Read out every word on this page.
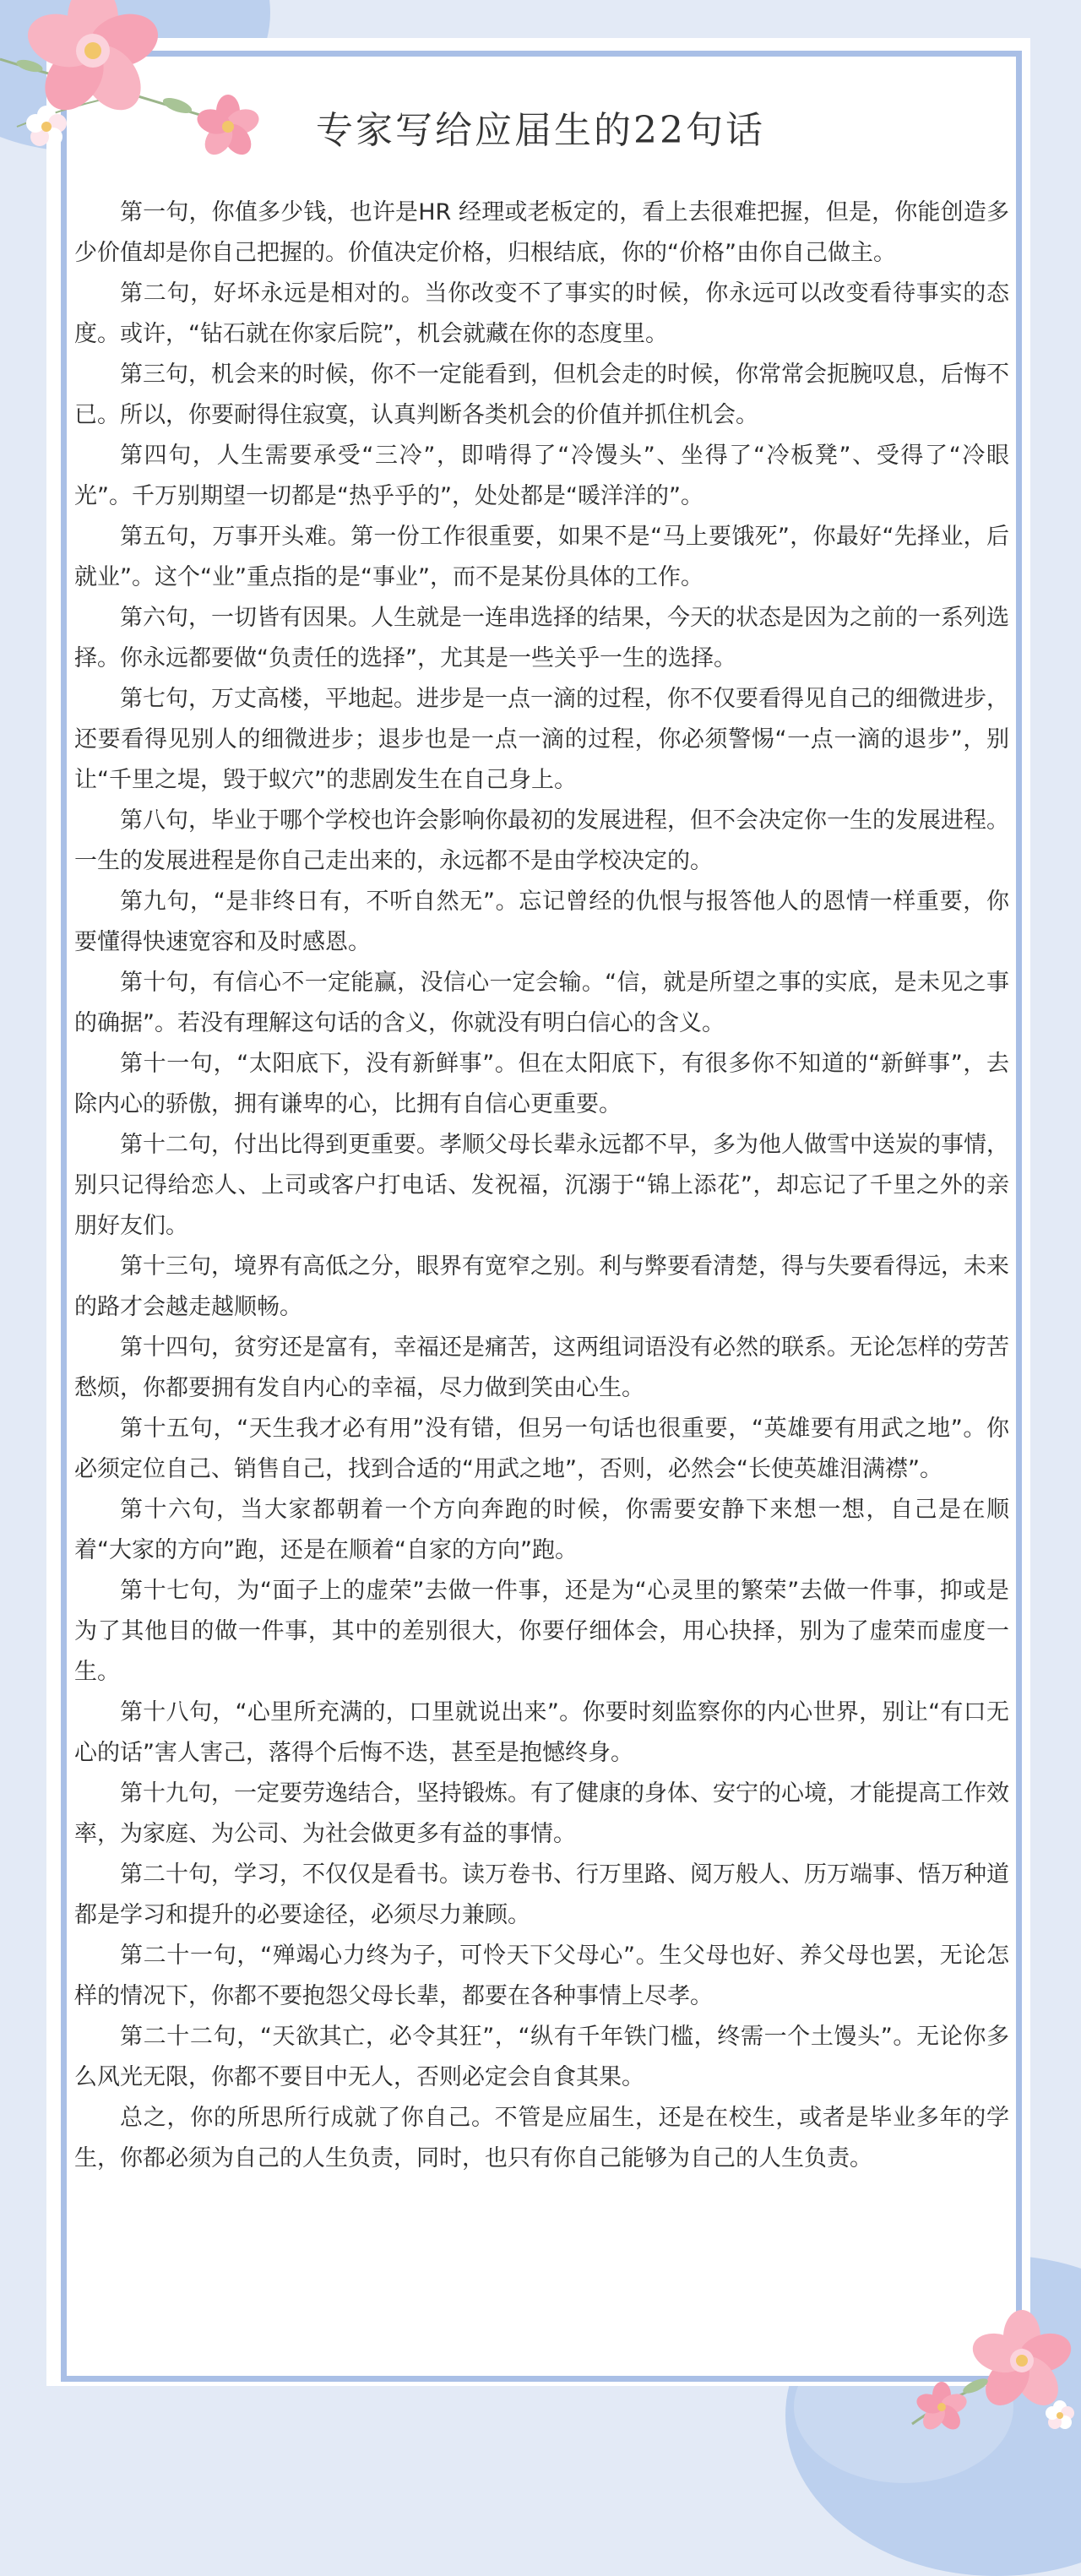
专家写给应届生的22句话

第一句，你值多少钱，也许是HR 经理或老板定的，看上去很难把握，但是，你能创造多少价值却是你自己把握的。价值决定价格，归根结底，你的“价格”由你自己做主。

第二句，好坏永远是相对的。当你改变不了事实的时候，你永远可以改变看待事实的态度。或许，“钻石就在你家后院”，机会就藏在你的态度里。

第三句，机会来的时候，你不一定能看到，但机会走的时候，你常常会扼腕叹息，后悔不已。所以，你要耐得住寂寞，认真判断各类机会的价值并抓住机会。

第四句，人生需要承受“三冷”，即啃得了“冷馒头”、坐得了“冷板凳”、受得了“冷眼光”。千万别期望一切都是“热乎乎的”，处处都是“暖洋洋的”。

第五句，万事开头难。第一份工作很重要，如果不是“马上要饿死”，你最好“先择业，后就业”。这个“业”重点指的是“事业”，而不是某份具体的工作。

第六句，一切皆有因果。人生就是一连串选择的结果，今天的状态是因为之前的一系列选择。你永远都要做“负责任的选择”，尤其是一些关乎一生的选择。

第七句，万丈高楼，平地起。进步是一点一滴的过程，你不仅要看得见自己的细微进步，还要看得见别人的细微进步；退步也是一点一滴的过程，你必须警惕“一点一滴的退步”，别让“千里之堤，毁于蚁穴”的悲剧发生在自己身上。

第八句，毕业于哪个学校也许会影响你最初的发展进程，但不会决定你一生的发展进程。一生的发展进程是你自己走出来的，永远都不是由学校决定的。

第九句，“是非终日有，不听自然无”。忘记曾经的仇恨与报答他人的恩情一样重要，你要懂得快速宽容和及时感恩。

第十句，有信心不一定能赢，没信心一定会输。“信，就是所望之事的实底，是未见之事的确据”。若没有理解这句话的含义，你就没有明白信心的含义。

第十一句，“太阳底下，没有新鲜事”。但在太阳底下，有很多你不知道的“新鲜事”，去除内心的骄傲，拥有谦卑的心，比拥有自信心更重要。

第十二句，付出比得到更重要。孝顺父母长辈永远都不早，多为他人做雪中送炭的事情，别只记得给恋人、上司或客户打电话、发祝福，沉溺于“锦上添花”，却忘记了千里之外的亲朋好友们。

第十三句，境界有高低之分，眼界有宽窄之别。利与弊要看清楚，得与失要看得远，未来的路才会越走越顺畅。

第十四句，贫穷还是富有，幸福还是痛苦，这两组词语没有必然的联系。无论怎样的劳苦愁烦，你都要拥有发自内心的幸福，尽力做到笑由心生。

第十五句，“天生我才必有用”没有错，但另一句话也很重要，“英雄要有用武之地”。你必须定位自己、销售自己，找到合适的“用武之地”，否则，必然会“长使英雄泪满襟”。

第十六句，当大家都朝着一个方向奔跑的时候，你需要安静下来想一想，自己是在顺着“大家的方向”跑，还是在顺着“自家的方向”跑。

第十七句，为“面子上的虚荣”去做一件事，还是为“心灵里的繁荣”去做一件事，抑或是为了其他目的做一件事，其中的差别很大，你要仔细体会，用心抉择，别为了虚荣而虚度一生。

第十八句，“心里所充满的，口里就说出来”。你要时刻监察你的内心世界，别让“有口无心的话”害人害己，落得个后悔不迭，甚至是抱憾终身。

第十九句，一定要劳逸结合，坚持锻炼。有了健康的身体、安宁的心境，才能提高工作效率，为家庭、为公司、为社会做更多有益的事情。

第二十句，学习，不仅仅是看书。读万卷书、行万里路、阅万般人、历万端事、悟万种道都是学习和提升的必要途径，必须尽力兼顾。

第二十一句，“殚竭心力终为子，可怜天下父母心”。生父母也好、养父母也罢，无论怎样的情况下，你都不要抱怨父母长辈，都要在各种事情上尽孝。

第二十二句，“天欲其亡，必令其狂”，“纵有千年铁门槛，终需一个土馒头”。无论你多么风光无限，你都不要目中无人，否则必定会自食其果。

总之，你的所思所行成就了你自己。不管是应届生，还是在校生，或者是毕业多年的学生，你都必须为自己的人生负责，同时，也只有你自己能够为自己的人生负责。
